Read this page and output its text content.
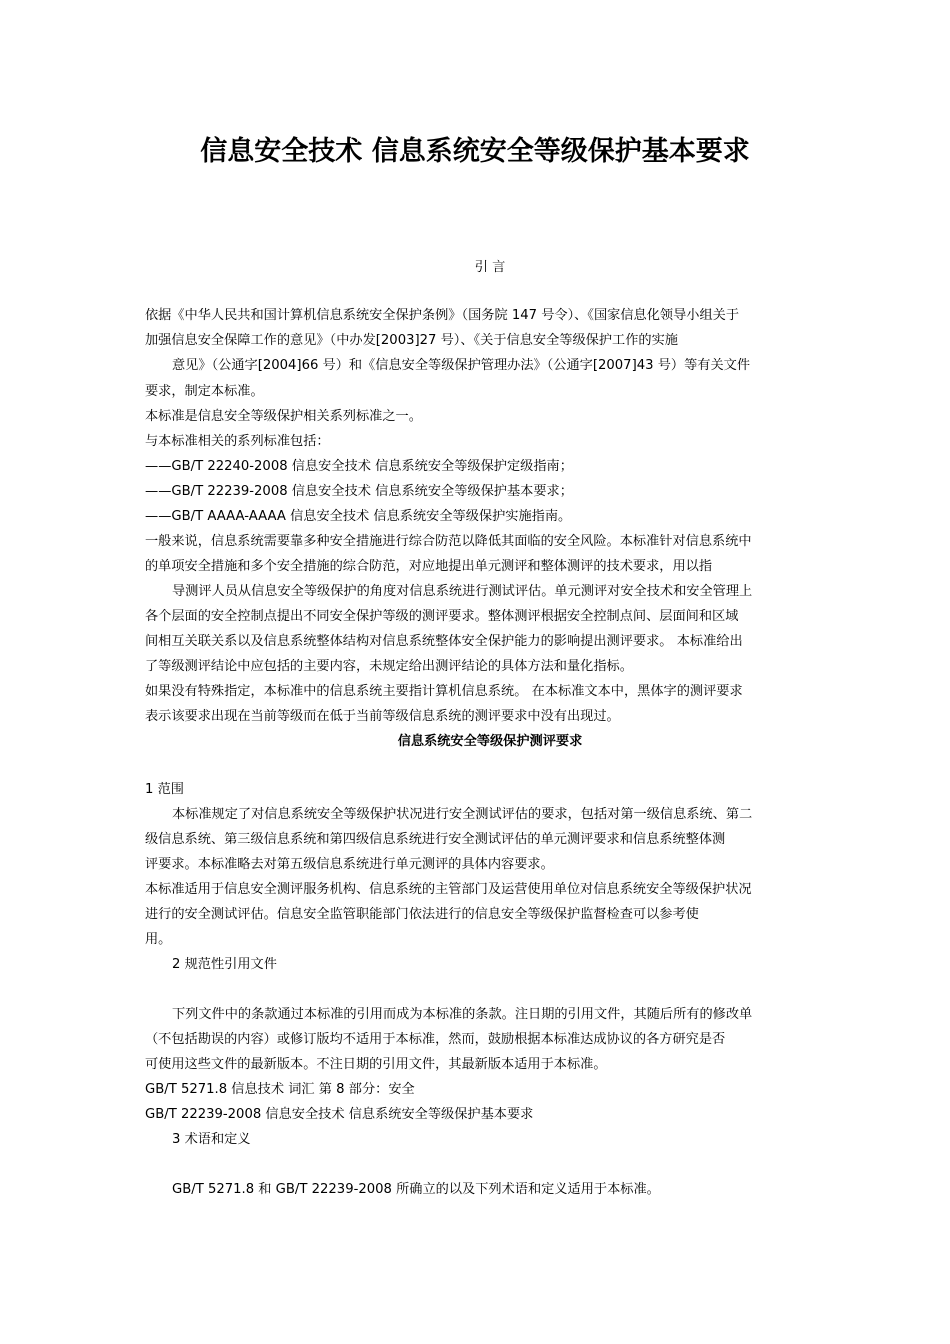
信息安全技术 信息系统安全等级保护基本要求
引 言
依据《中华人民共和国计算机信息系统安全保护条例》（国务院 147 号令）、《国家信息化领导小组关于
加强信息安全保障工作的意见》（中办发[2003]27 号）、《关于信息安全等级保护工作的实施
意见》（公通字[2004]66 号）和《信息安全等级保护管理办法》（公通字[2007]43 号）等有关文件
要求，制定本标准。
本标准是信息安全等级保护相关系列标准之一。
与本标准相关的系列标准包括：
——GB/T 22240-2008 信息安全技术 信息系统安全等级保护定级指南；
——GB/T 22239-2008 信息安全技术 信息系统安全等级保护基本要求；
——GB/T AAAA-AAAA 信息安全技术 信息系统安全等级保护实施指南。
一般来说，信息系统需要靠多种安全措施进行综合防范以降低其面临的安全风险。本标准针对信息系统中
的单项安全措施和多个安全措施的综合防范，对应地提出单元测评和整体测评的技术要求，用以指
导测评人员从信息安全等级保护的角度对信息系统进行测试评估。单元测评对安全技术和安全管理上
各个层面的安全控制点提出不同安全保护等级的测评要求。整体测评根据安全控制点间、层面间和区域
间相互关联关系以及信息系统整体结构对信息系统整体安全保护能力的影响提出测评要求。 本标准给出
了等级测评结论中应包括的主要内容，未规定给出测评结论的具体方法和量化指标。
如果没有特殊指定，本标准中的信息系统主要指计算机信息系统。 在本标准文本中，黑体字的测评要求
表示该要求出现在当前等级而在低于当前等级信息系统的测评要求中没有出现过。
信息系统安全等级保护测评要求
1 范围
本标准规定了对信息系统安全等级保护状况进行安全测试评估的要求，包括对第一级信息系统、第二
级信息系统、第三级信息系统和第四级信息系统进行安全测试评估的单元测评要求和信息系统整体测
评要求。本标准略去对第五级信息系统进行单元测评的具体内容要求。
本标准适用于信息安全测评服务机构、信息系统的主管部门及运营使用单位对信息系统安全等级保护状况
进行的安全测试评估。信息安全监管职能部门依法进行的信息安全等级保护监督检查可以参考使
用。
2 规范性引用文件
下列文件中的条款通过本标准的引用而成为本标准的条款。注日期的引用文件，其随后所有的修改单
（不包括勘误的内容）或修订版均不适用于本标准，然而，鼓励根据本标准达成协议的各方研究是否
可使用这些文件的最新版本。不注日期的引用文件，其最新版本适用于本标准。
GB/T 5271.8 信息技术 词汇 第 8 部分：安全
GB/T 22239-2008 信息安全技术 信息系统安全等级保护基本要求
3 术语和定义
GB/T 5271.8 和 GB/T 22239-2008 所确立的以及下列术语和定义适用于本标准。
